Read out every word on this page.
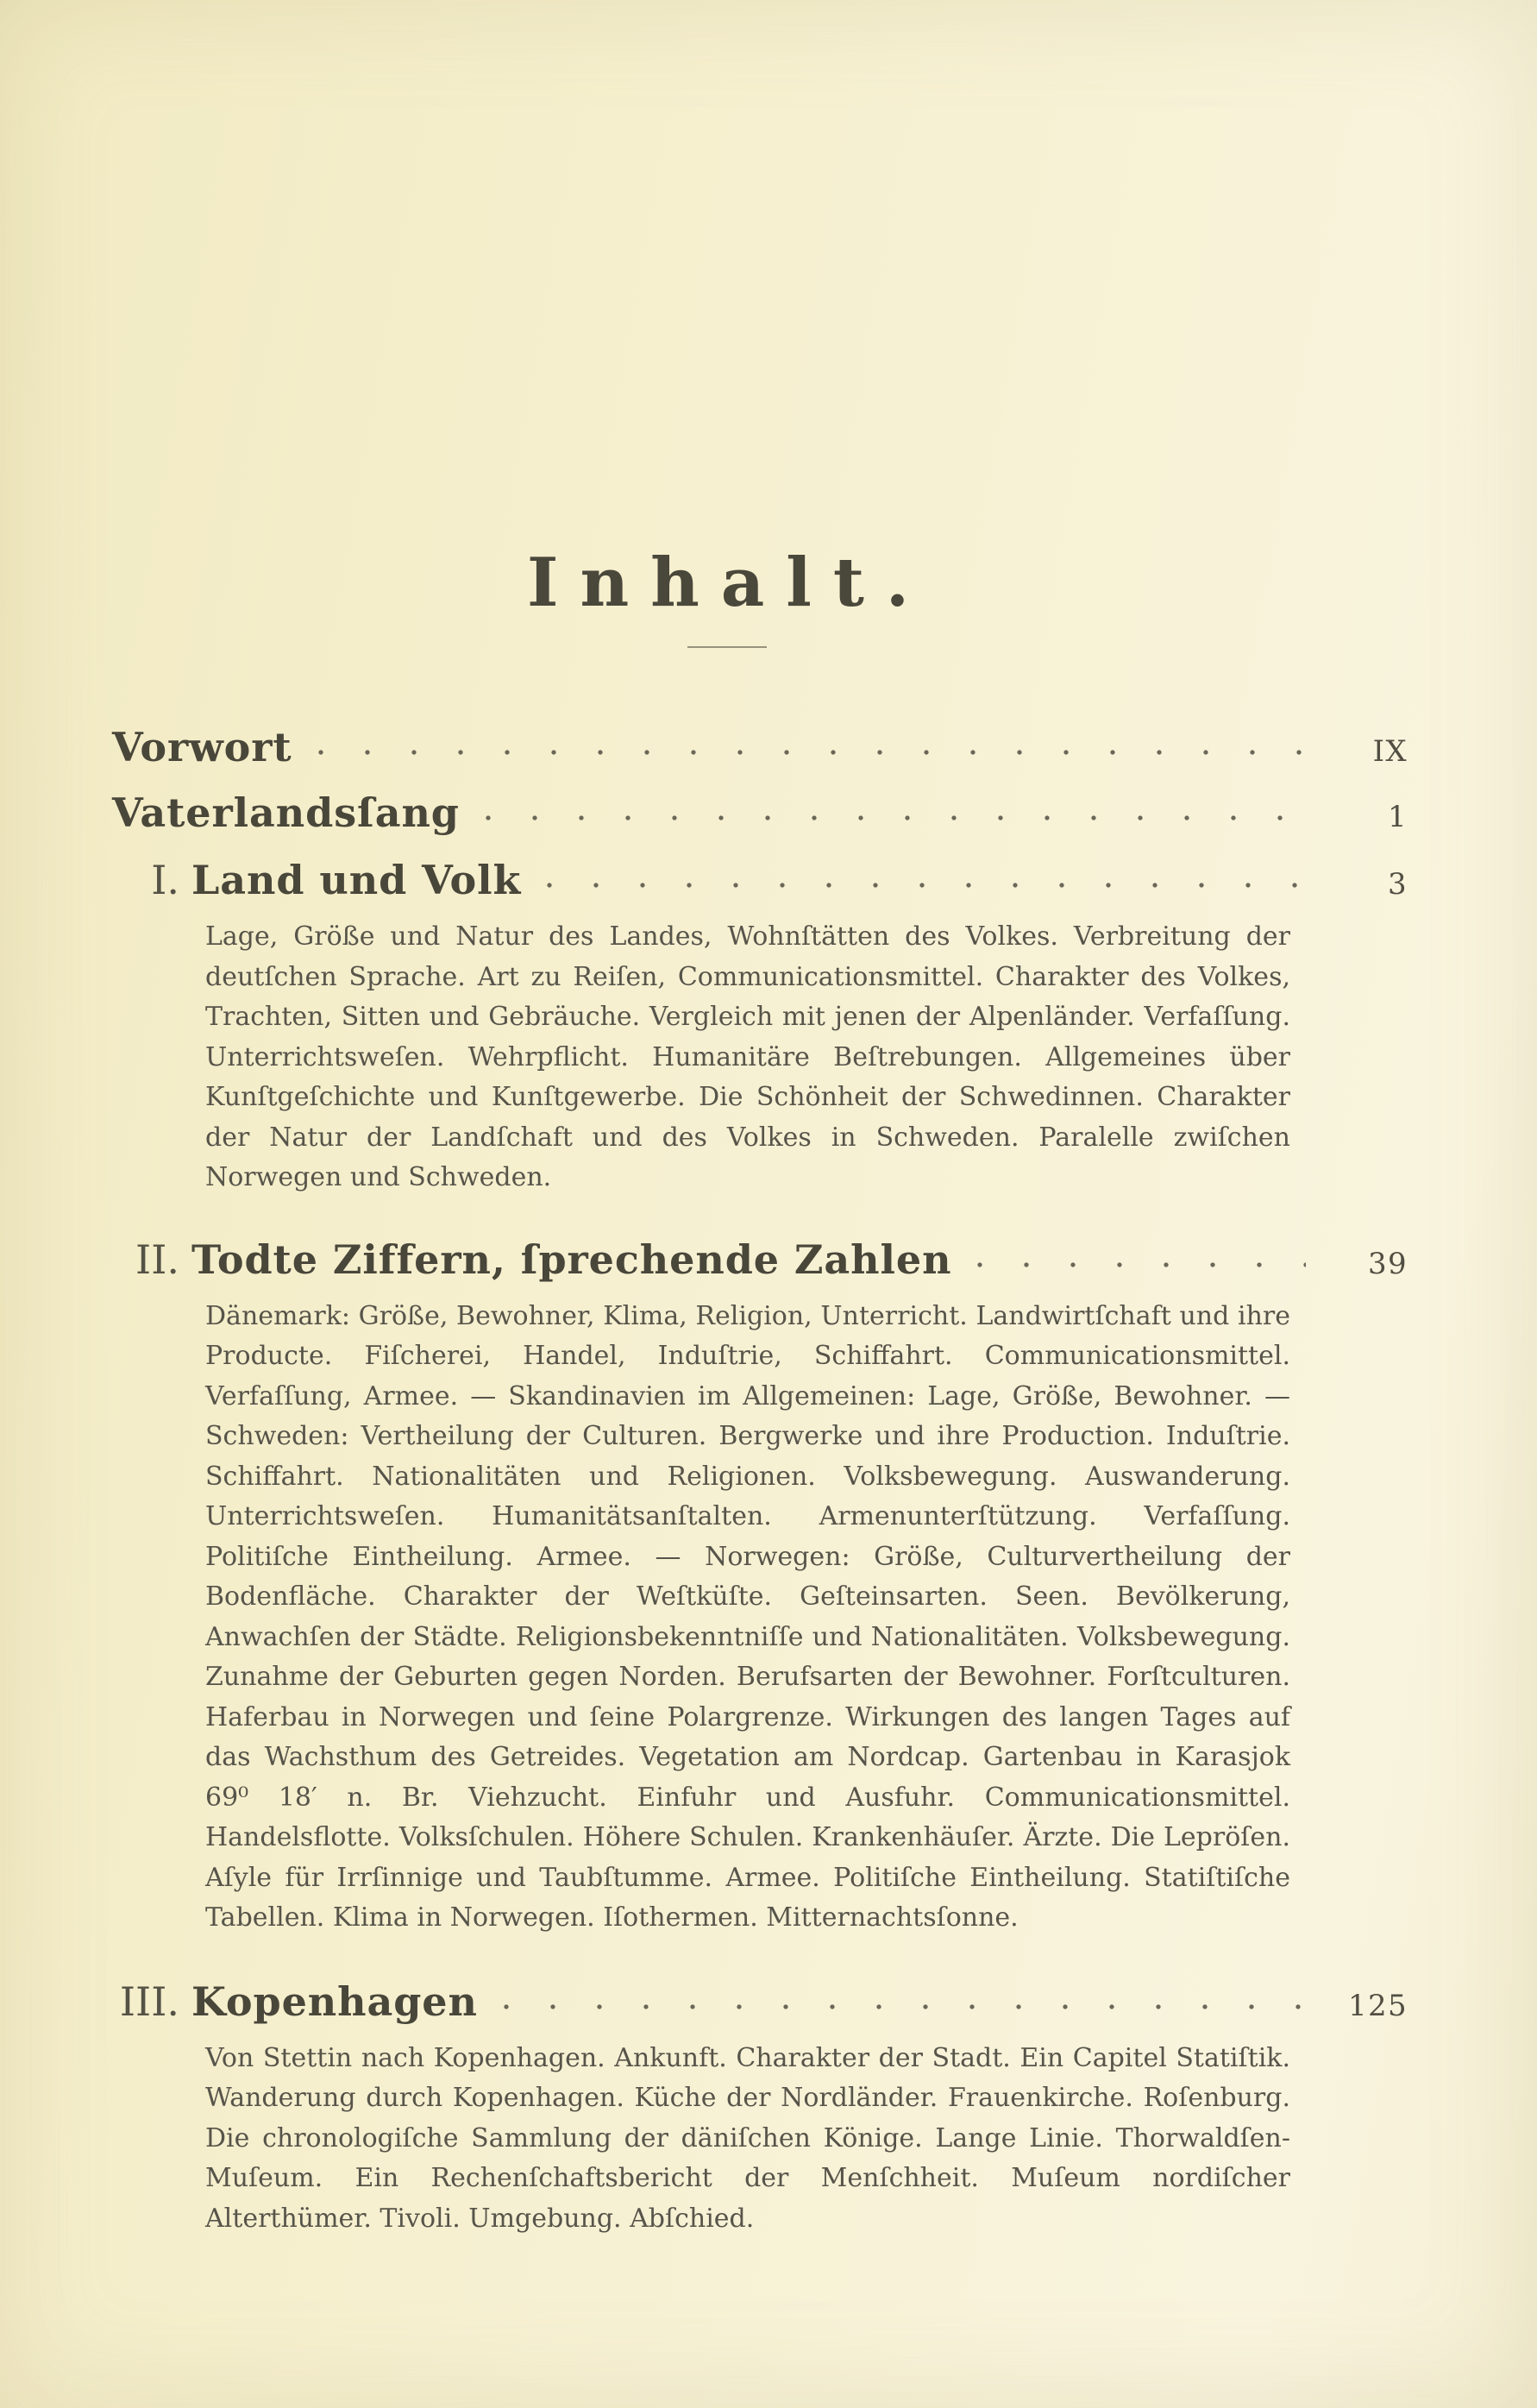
Inhalt.
Vorwort	IX
Vaterlandsſang	1
I. Land und Volk	3

Lage, Größe und Natur des Landes, Wohnſtätten des Volkes. Verbreitung der deutſchen Sprache. Art zu Reiſen, Communicationsmittel. Charakter des Volkes, Trachten, Sitten und Gebräuche. Vergleich mit jenen der Alpenländer. Verfaſſung. Unterrichtsweſen. Wehrpflicht. Humanitäre Beſtrebungen. Allgemeines über Kunſtgeſchichte und Kunſtgewerbe. Die Schönheit der Schwedinnen. Charakter der Natur der Landſchaft und des Volkes in Schweden. Paralelle zwiſchen Norwegen und Schweden.

II. Todte Ziffern, ſprechende Zahlen	39

Dänemark: Größe, Bewohner, Klima, Religion, Unterricht. Landwirtſchaft und ihre Producte. Fiſcherei, Handel, Induſtrie, Schiffahrt. Communicationsmittel. Verfaſſung, Armee. — Skandinavien im Allgemeinen: Lage, Größe, Bewohner. — Schweden: Vertheilung der Culturen. Bergwerke und ihre Production. Induſtrie. Schiffahrt. Nationalitäten und Religionen. Volksbewegung. Auswanderung. Unterrichtsweſen. Humanitätsanſtalten. Armenunterſtützung. Verfaſſung. Politiſche Eintheilung. Armee. — Norwegen: Größe, Culturvertheilung der Bodenfläche. Charakter der Weſtküſte. Geſteinsarten. Seen. Bevölkerung, Anwachſen der Städte. Religionsbekenntniſſe und Nationalitäten. Volksbewegung. Zunahme der Geburten gegen Norden. Berufsarten der Bewohner. Forſtculturen. Haferbau in Norwegen und ſeine Polargrenze. Wirkungen des langen Tages auf das Wachsthum des Getreides. Vegetation am Nordcap. Gartenbau in Karasjok 69⁰ 18′ n. Br. Viehzucht. Einfuhr und Ausfuhr. Communicationsmittel. Handelsflotte. Volksſchulen. Höhere Schulen. Krankenhäuſer. Ärzte. Die Lepröſen. Aſyle für Irrſinnige und Taubſtumme. Armee. Politiſche Eintheilung. Statiſtiſche Tabellen. Klima in Norwegen. Iſothermen. Mitternachtsſonne.

III. Kopenhagen	125

Von Stettin nach Kopenhagen. Ankunft. Charakter der Stadt. Ein Capitel Statiſtik. Wanderung durch Kopenhagen. Küche der Nordländer. Frauenkirche. Roſenburg. Die chronologiſche Sammlung der däniſchen Könige. Lange Linie. Thorwaldſen-Muſeum. Ein Rechenſchaftsbericht der Menſchheit. Muſeum nordiſcher Alterthümer. Tivoli. Umgebung. Abſchied.
